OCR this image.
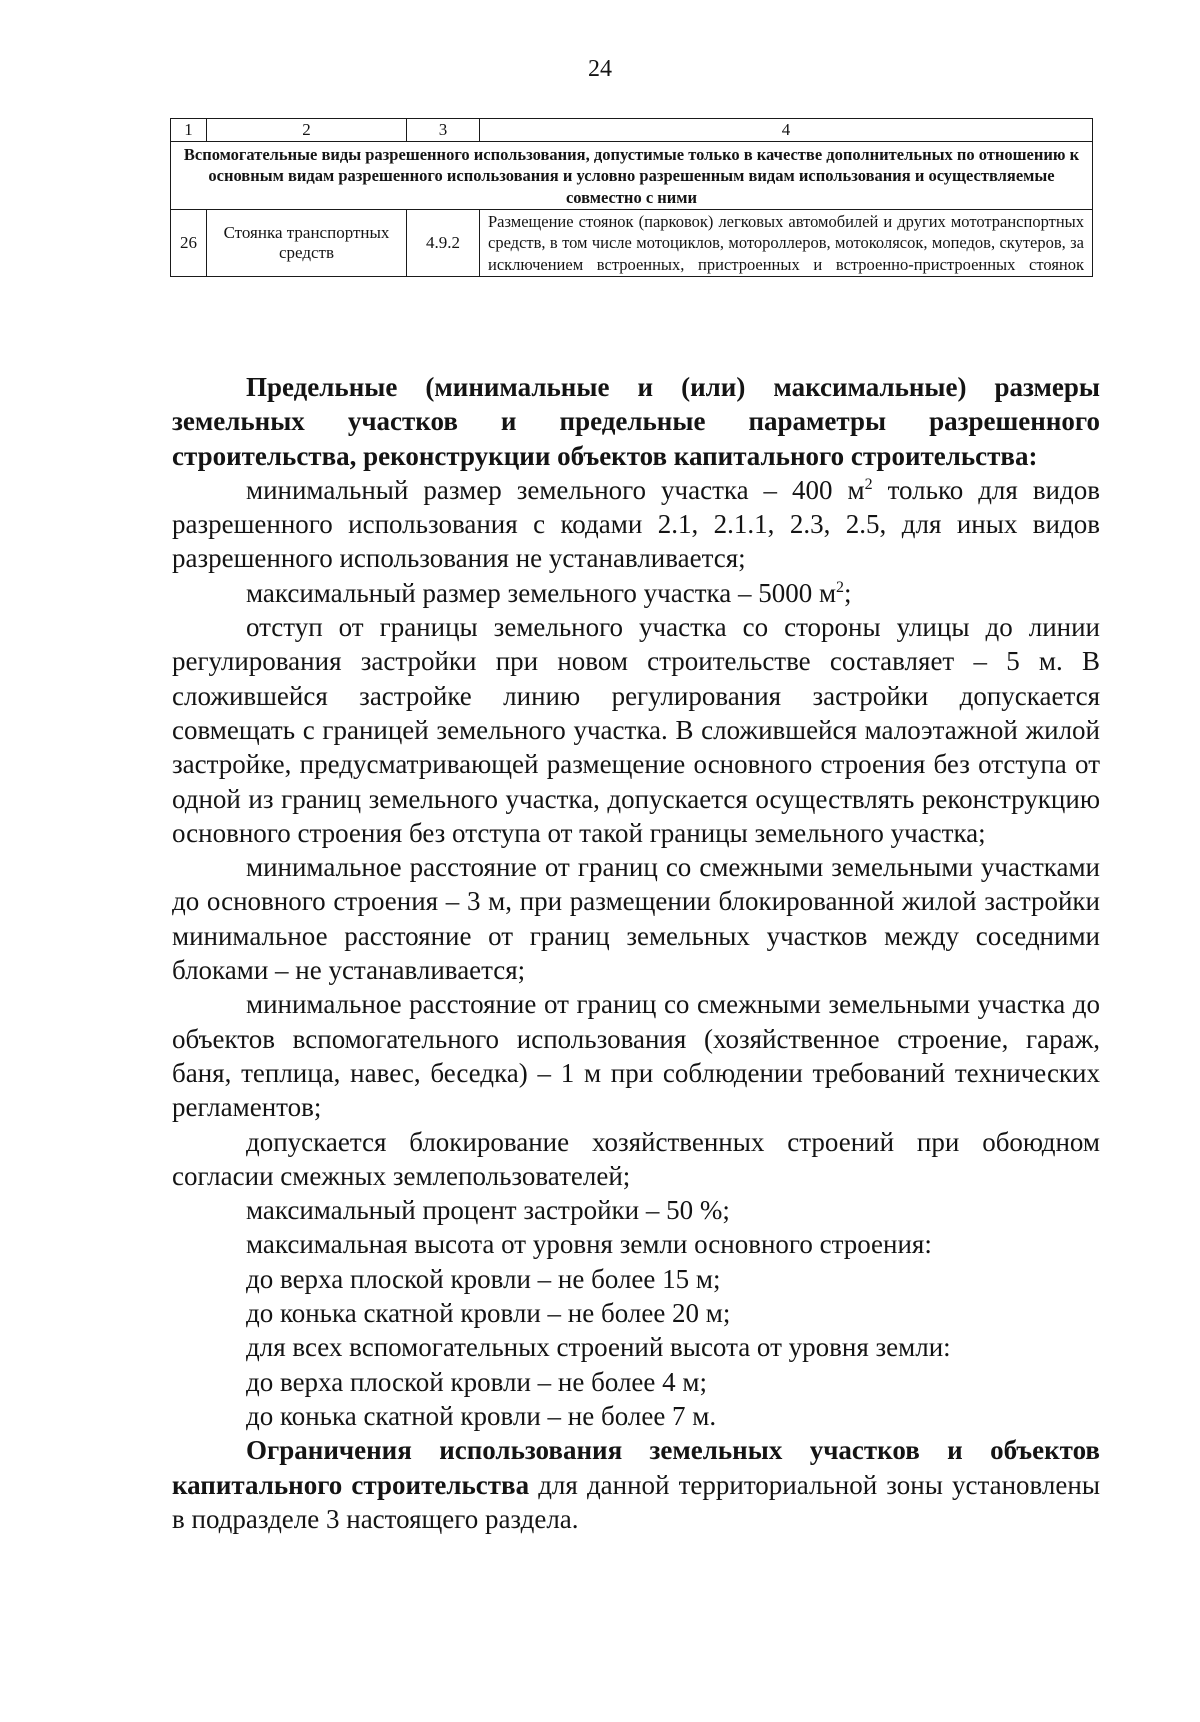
24
1	2	3	4
Вспомогательные виды разрешенного использования, допустимые только в качестве дополнительных по отношению к основным видам разрешенного использования и условно разрешенным видам использования и осуществляемые совместно с ними			
26	Стоянка транспортных средств	4.9.2	Размещение стоянок (парковок) легковых автомобилей и других мототранспортных средств, в том числе мотоциклов, мотороллеров, мотоколясок, мопедов, скутеров, за исключением встроенных, пристроенных и встроенно-пристроенных стоянок

Предельные (минимальные и (или) максимальные) размеры земельных участков и предельные параметры разрешенного строительства, реконструкции объектов капитального строительства:

минимальный размер земельного участка – 400 $м^2$ только для видов разрешенного использования с кодами 2.1, 2.1.1, 2.3, 2.5, для иных видов разрешенного использования не устанавливается;

максимальный размер земельного участка – 5000 $м^2$;

отступ от границы земельного участка со стороны улицы до линии регулирования застройки при новом строительстве составляет – 5 м. В сложившейся застройке линию регулирования застройки допускается совмещать с границей земельного участка. В сложившейся малоэтажной жилой застройке, предусматривающей размещение основного строения без отступа от одной из границ земельного участка, допускается осуществлять реконструкцию основного строения без отступа от такой границы земельного участка;

минимальное расстояние от границ со смежными земельными участками до основного строения – 3 м, при размещении блокированной жилой застройки минимальное расстояние от границ земельных участков между соседними блоками – не устанавливается;

минимальное расстояние от границ со смежными земельными участка до объектов вспомогательного использования (хозяйственное строение, гараж, баня, теплица, навес, беседка) – 1 м при соблюдении требований технических регламентов;

допускается блокирование хозяйственных строений при обоюдном согласии смежных землепользователей;

максимальный процент застройки – 50 %;

максимальная высота от уровня земли основного строения:

до верха плоской кровли – не более 15 м;

до конька скатной кровли – не более 20 м;

для всех вспомогательных строений высота от уровня земли:

до верха плоской кровли – не более 4 м;

до конька скатной кровли – не более 7 м.

Ограничения использования земельных участков и объектов капитального строительства для данной территориальной зоны установлены в подразделе 3 настоящего раздела.
